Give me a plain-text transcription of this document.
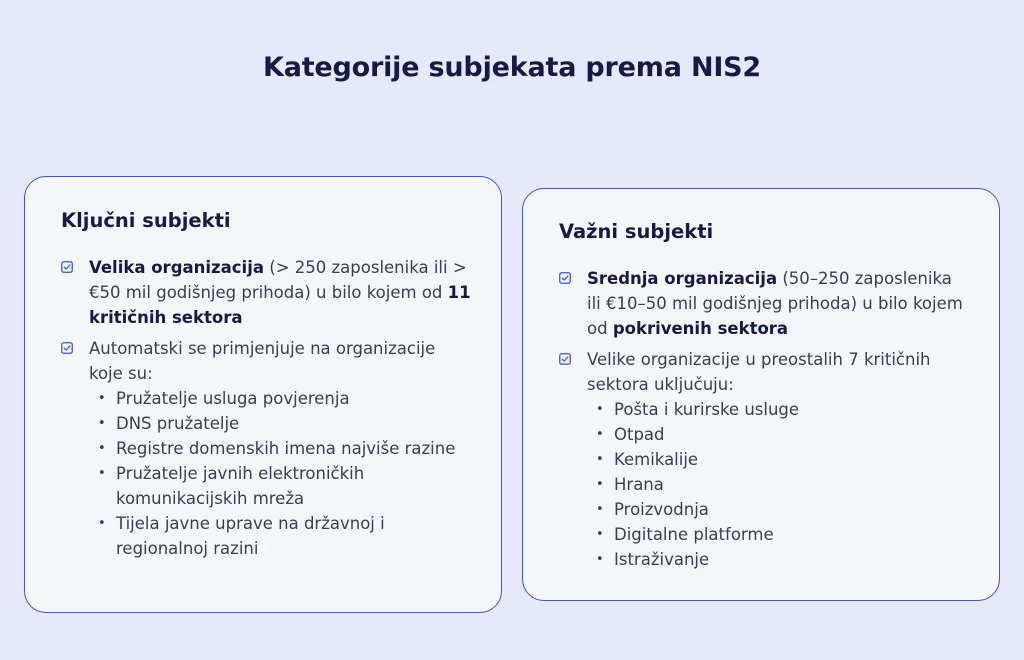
Kategorije subjekata prema NIS2
Ključni subjekti
Velika organizacija (> 250 zaposlenika ili > €50 mil godišnjeg prihoda) u bilo kojem od 11 kritičnih sektora
Automatski se primjenjuje na organizacije koje su:
• Pružatelje usluga povjerenja
• DNS pružatelje
• Registre domenskih imena najviše razine
• Pružatelje javnih elektroničkih komunikacijskih mreža
• Tijela javne uprave na državnoj i regionalnoj razini
Važni subjekti
Srednja organizacija (50–250 zaposlenika ili €10–50 mil godišnjeg prihoda) u bilo kojem od pokrivenih sektora
Velike organizacije u preostalih 7 kritičnih sektora uključuju:
• Pošta i kurirske usluge
• Otpad
• Kemikalije
• Hrana
• Proizvodnja
• Digitalne platforme
• Istraživanje
